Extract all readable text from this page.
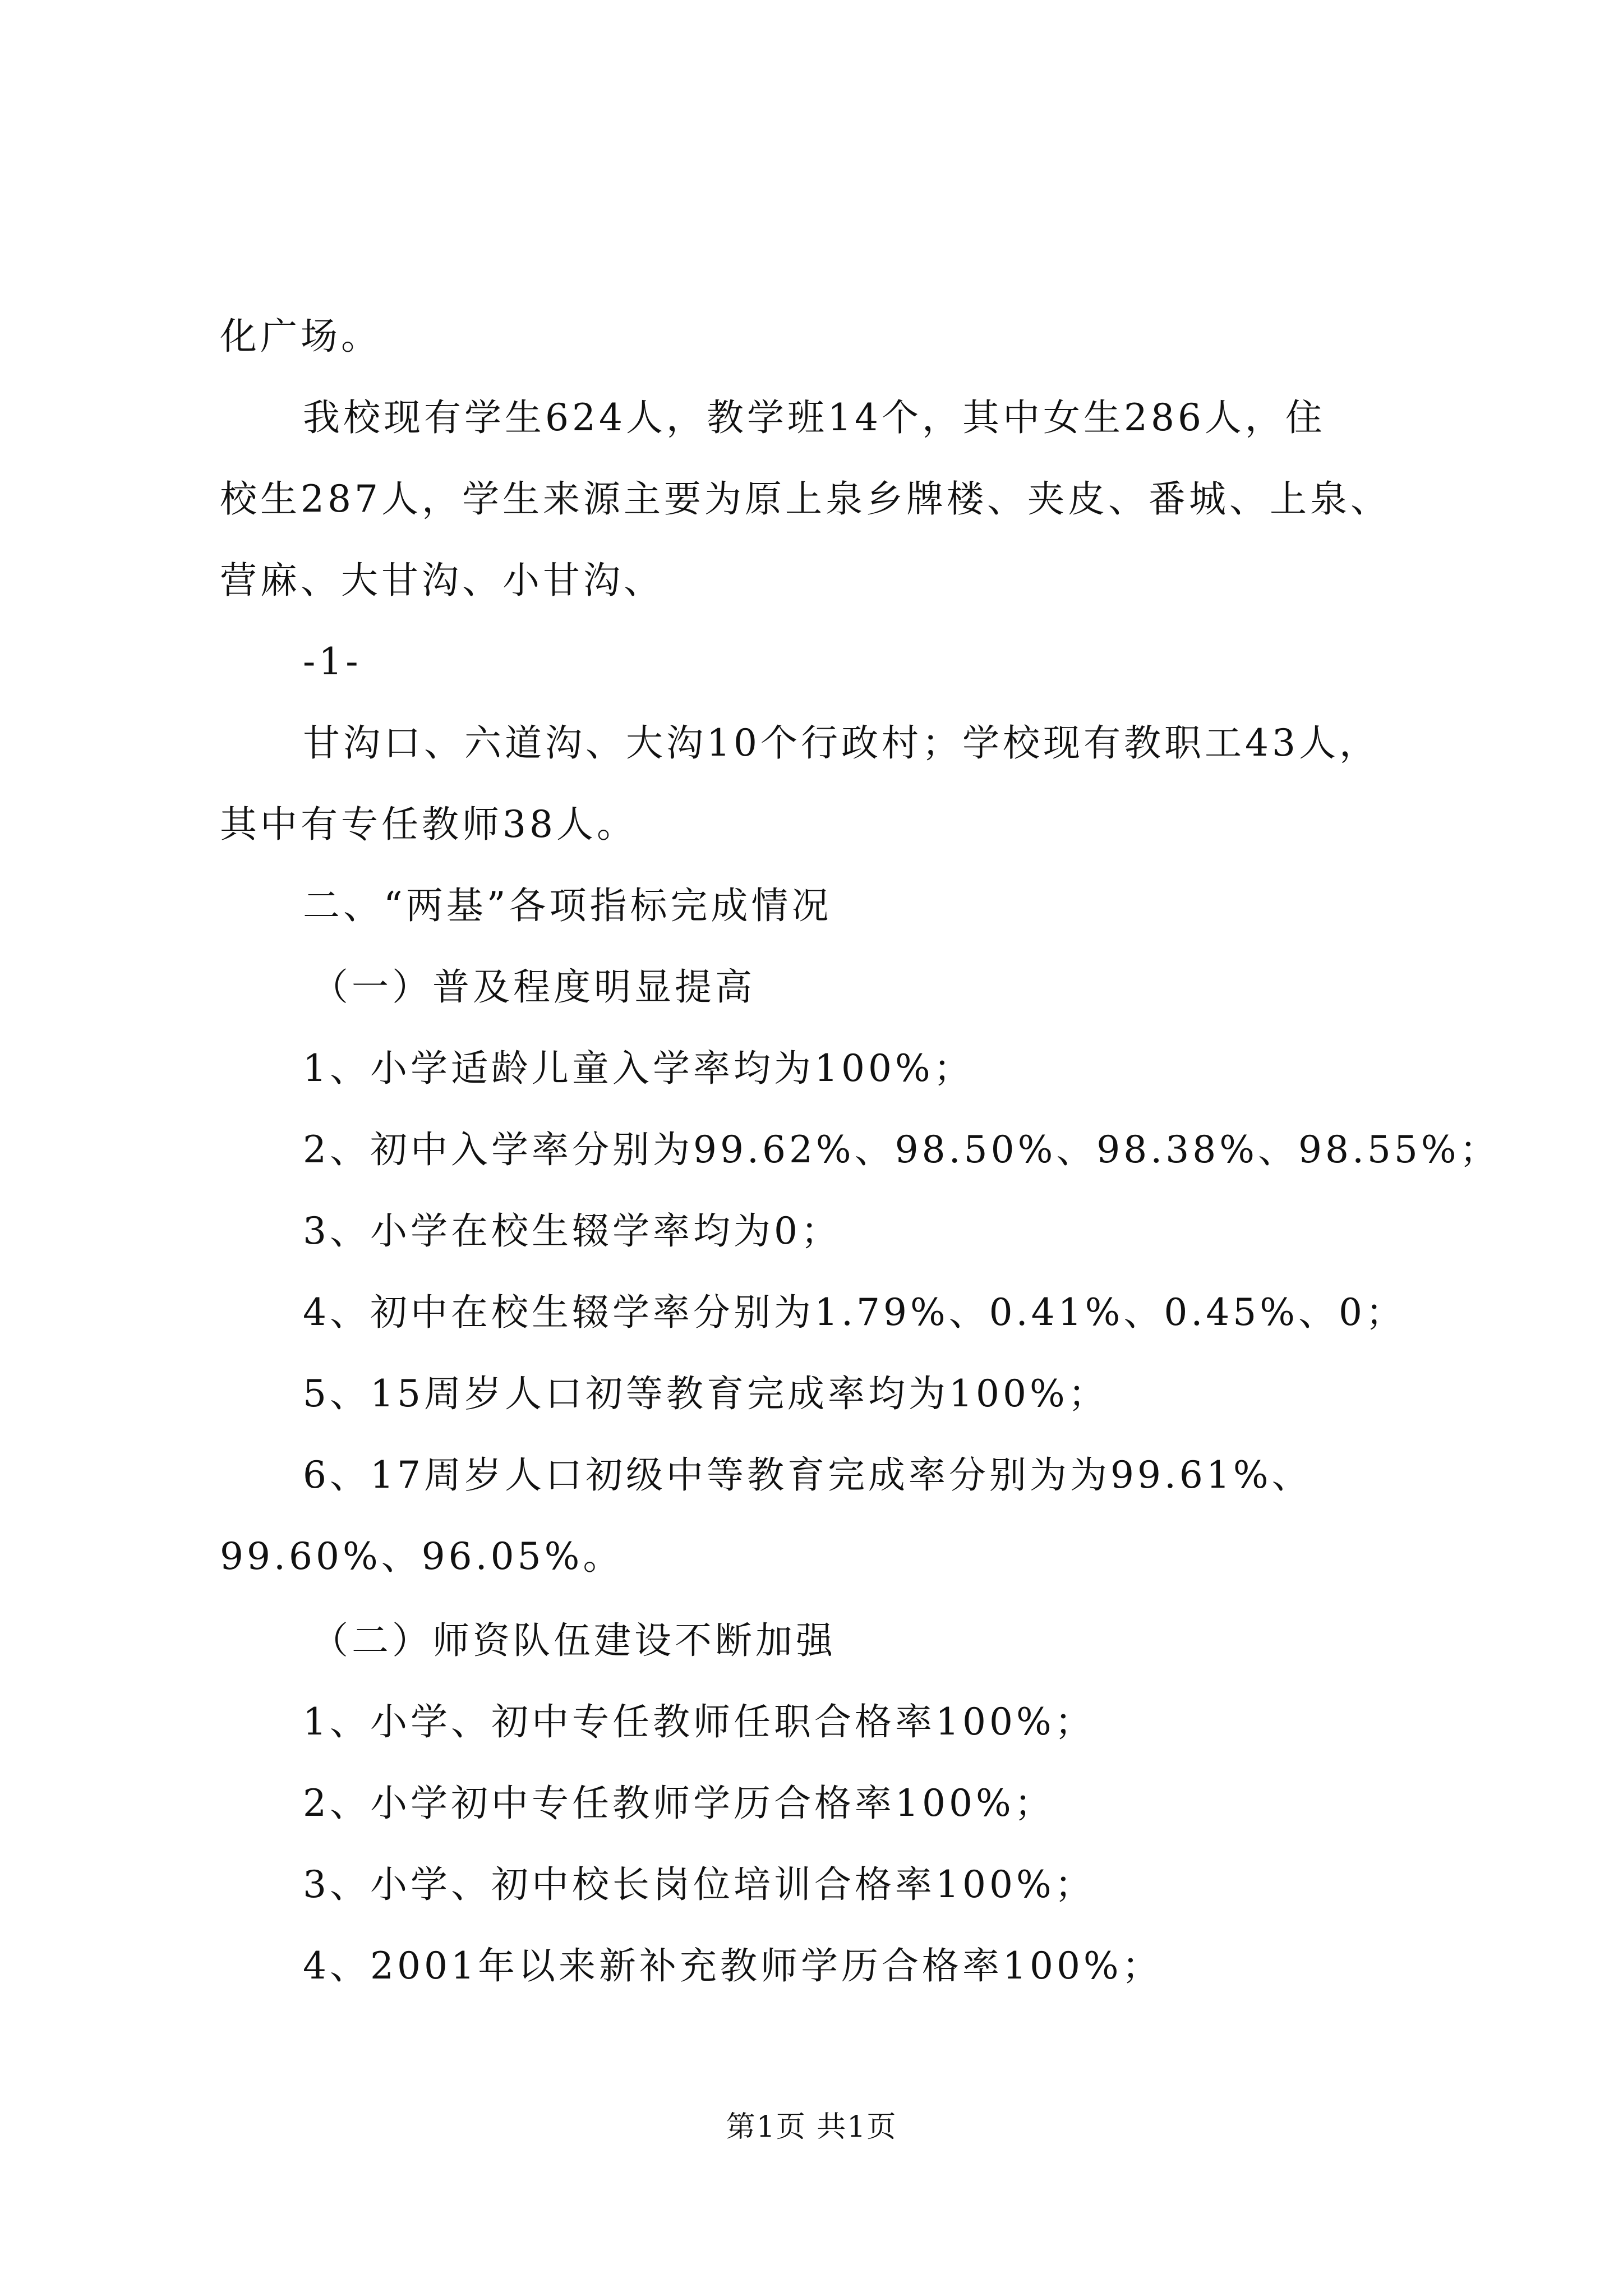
化广场。
我校现有学生624人，教学班14个，其中女生286人，住
校生287人，学生来源主要为原上泉乡牌楼、夹皮、番城、上泉、
营麻、大甘沟、小甘沟、
-1-
甘沟口、六道沟、大沟10个行政村；学校现有教职工43人，
其中有专任教师38人。
二、“两基”各项指标完成情况
（一）普及程度明显提高
1、小学适龄儿童入学率均为100%；
2、初中入学率分别为99.62%、98.50%、98.38%、98.55%；
3、小学在校生辍学率均为0；
4、初中在校生辍学率分别为1.79%、0.41%、0.45%、0；
5、15周岁人口初等教育完成率均为100%；
6、17周岁人口初级中等教育完成率分别为为99.61%、
99.60%、96.05%。
（二）师资队伍建设不断加强
1、小学、初中专任教师任职合格率100%；
2、小学初中专任教师学历合格率100%；
3、小学、初中校长岗位培训合格率100%；
4、2001年以来新补充教师学历合格率100%；
第1页 共1页
